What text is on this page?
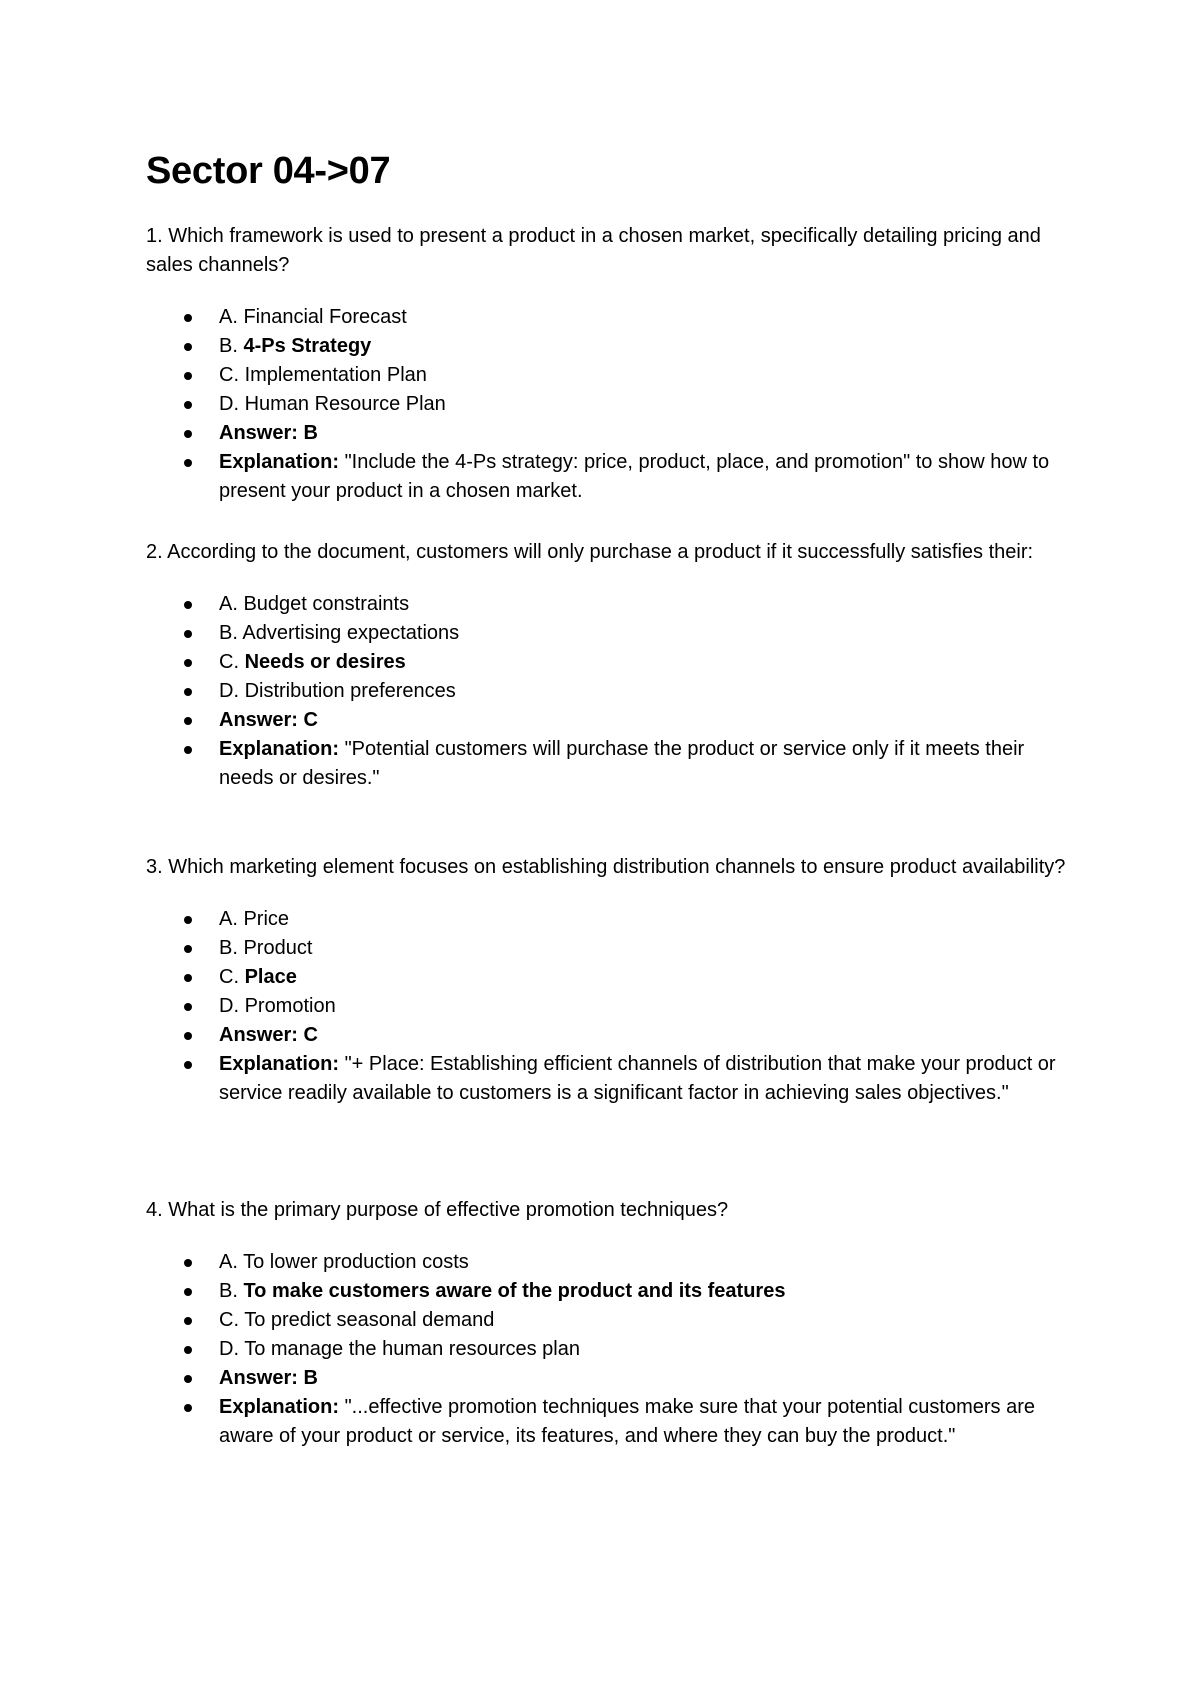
Sector 04->07

1. Which framework is used to present a product in a chosen market, specifically detailing pricing and sales channels?

A. Financial Forecast
B. 4-Ps Strategy
C. Implementation Plan
D. Human Resource Plan
Answer: B
Explanation: "Include the 4-Ps strategy: price, product, place, and promotion" to show how to present your product in a chosen market.

2. According to the document, customers will only purchase a product if it successfully satisfies their:

A. Budget constraints
B. Advertising expectations
C. Needs or desires
D. Distribution preferences
Answer: C
Explanation: "Potential customers will purchase the product or service only if it meets their needs or desires."

3. Which marketing element focuses on establishing distribution channels to ensure product availability?

A. Price
B. Product
C. Place
D. Promotion
Answer: C
Explanation: "+ Place: Establishing efficient channels of distribution that make your product or service readily available to customers is a significant factor in achieving sales objectives."

4. What is the primary purpose of effective promotion techniques?

A. To lower production costs
B. To make customers aware of the product and its features
C. To predict seasonal demand
D. To manage the human resources plan
Answer: B
Explanation: "...effective promotion techniques make sure that your potential customers are aware of your product or service, its features, and where they can buy the product."
